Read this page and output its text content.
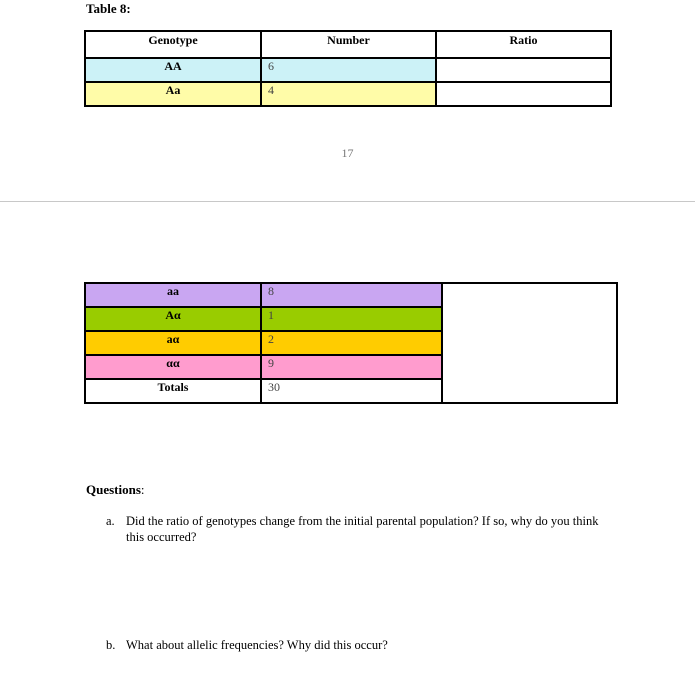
Table 8:
Genotype	Number	Ratio
AA	6	
Aa	4	
17
aa	8	
Aα	1	
aα	2	
αα	9	
Totals	30	
Questions:
a. Did the ratio of genotypes change from the initial parental population? If so, why do you think this occurred?
b. What about allelic frequencies? Why did this occur?
